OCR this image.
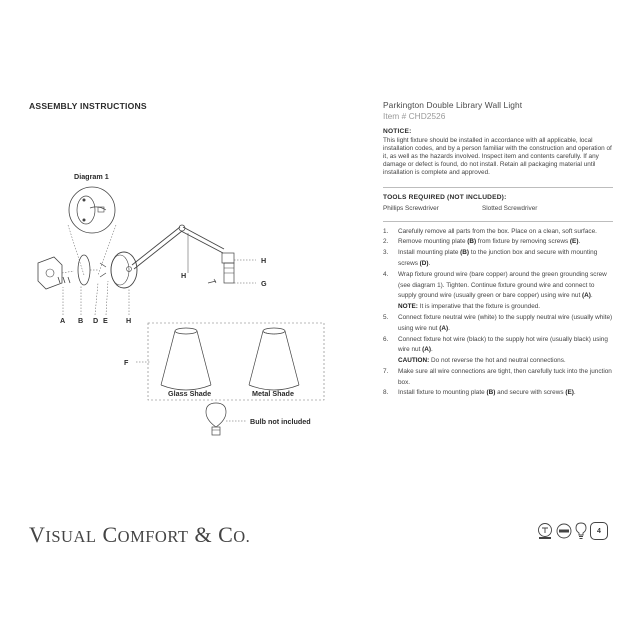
ASSEMBLY INSTRUCTIONS
Diagram 1
A B D E	H
H
H
G
F
Glass Shade	Metal Shade
Bulb not included
Parkington Double Library Wall Light
Item # CHD2526
NOTICE:
This light fixture should be installed in accordance with all applicable, local installation codes, and by a person familiar with the construction and operation of it, as well as the hazards involved. Inspect item and contents carefully. If any damage or defect is found, do not install. Retain all packaging material until installation is complete and approved.
TOOLS REQUIRED (NOT INCLUDED):
Phillips Screwdriver	Slotted Screwdriver
1.	Carefully remove all parts from the box. Place on a clean, soft surface.
2.	Remove mounting plate (B) from fixture by removing screws (E).
3.	Install mounting plate (B) to the junction box and secure with mounting screws (D).
4.	Wrap fixture ground wire (bare copper) around the green grounding screw (see diagram 1). Tighten. Continue fixture ground wire and connect to supply ground wire (usually green or bare copper) using wire nut (A).
NOTE: It is imperative that the fixture is grounded.
5.	Connect fixture neutral wire (white) to the supply neutral wire (usually white) using wire nut (A).
6.	Connect fixture hot wire (black) to the supply hot wire (usually black) using wire nut (A).
CAUTION: Do not reverse the hot and neutral connections.
7.	Make sure all wire connections are tight, then carefully tuck into the junction box.
8.	Install fixture to mounting plate (B) and secure with screws (E).
VISUAL COMFORT & CO.	4
